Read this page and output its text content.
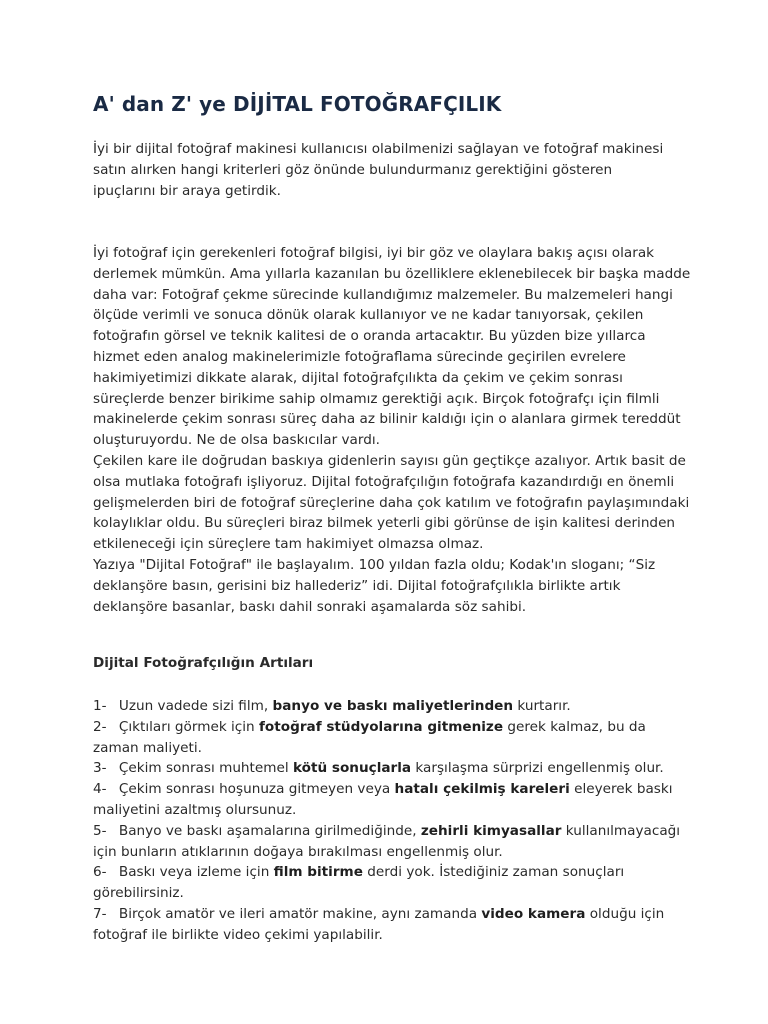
A' dan Z' ye DİJİTAL FOTOĞRAFÇILIK

İyi bir dijital fotoğraf makinesi kullanıcısı olabilmenizi sağlayan ve fotoğraf makinesi satın alırken hangi kriterleri göz önünde bulundurmanız gerektiğini gösteren ipuçlarını bir araya getirdik.

İyi fotoğraf için gerekenleri fotoğraf bilgisi, iyi bir göz ve olaylara bakış açısı olarak derlemek mümkün. Ama yıllarla kazanılan bu özelliklere eklenebilecek bir başka madde daha var: Fotoğraf çekme sürecinde kullandığımız malzemeler. Bu malzemeleri hangi ölçüde verimli ve sonuca dönük olarak kullanıyor ve ne kadar tanıyorsak, çekilen fotoğrafın görsel ve teknik kalitesi de o oranda artacaktır. Bu yüzden bize yıllarca hizmet eden analog makinelerimizle fotoğraflama sürecinde geçirilen evrelere hakimiyetimizi dikkate alarak, dijital fotoğrafçılıkta da çekim ve çekim sonrası süreçlerde benzer birikime sahip olmamız gerektiği açık. Birçok fotoğrafçı için filmli makinelerde çekim sonrası süreç daha az bilinir kaldığı için o alanlara girmek tereddüt oluşturuyordu. Ne de olsa baskıcılar vardı.

Çekilen kare ile doğrudan baskıya gidenlerin sayısı gün geçtikçe azalıyor. Artık basit de olsa mutlaka fotoğrafı işliyoruz. Dijital fotoğrafçılığın fotoğrafa kazandırdığı en önemli gelişmelerden biri de fotoğraf süreçlerine daha çok katılım ve fotoğrafın paylaşımındaki kolaylıklar oldu. Bu süreçleri biraz bilmek yeterli gibi görünse de işin kalitesi derinden etkileneceği için süreçlere tam hakimiyet olmazsa olmaz.

Yazıya "Dijital Fotoğraf" ile başlayalım. 100 yıldan fazla oldu; Kodak'ın sloganı; “Siz deklanşöre basın, gerisini biz hallederiz” idi. Dijital fotoğrafçılıkla birlikte artık deklanşöre basanlar, baskı dahil sonraki aşamalarda söz sahibi.

Dijital Fotoğrafçılığın Artıları
1- Uzun vadede sizi film, banyo ve baskı maliyetlerinden kurtarır.
2- Çıktıları görmek için fotoğraf stüdyolarına gitmenize gerek kalmaz, bu da zaman maliyeti.
3- Çekim sonrası muhtemel kötü sonuçlarla karşılaşma sürprizi engellenmiş olur.
4- Çekim sonrası hoşunuza gitmeyen veya hatalı çekilmiş kareleri eleyerek baskı maliyetini azaltmış olursunuz.
5- Banyo ve baskı aşamalarına girilmediğinde, zehirli kimyasallar kullanılmayacağı için bunların atıklarının doğaya bırakılması engellenmiş olur.
6- Baskı veya izleme için film bitirme derdi yok. İstediğiniz zaman sonuçları görebilirsiniz.
7- Birçok amatör ve ileri amatör makine, aynı zamanda video kamera olduğu için fotoğraf ile birlikte video çekimi yapılabilir.
